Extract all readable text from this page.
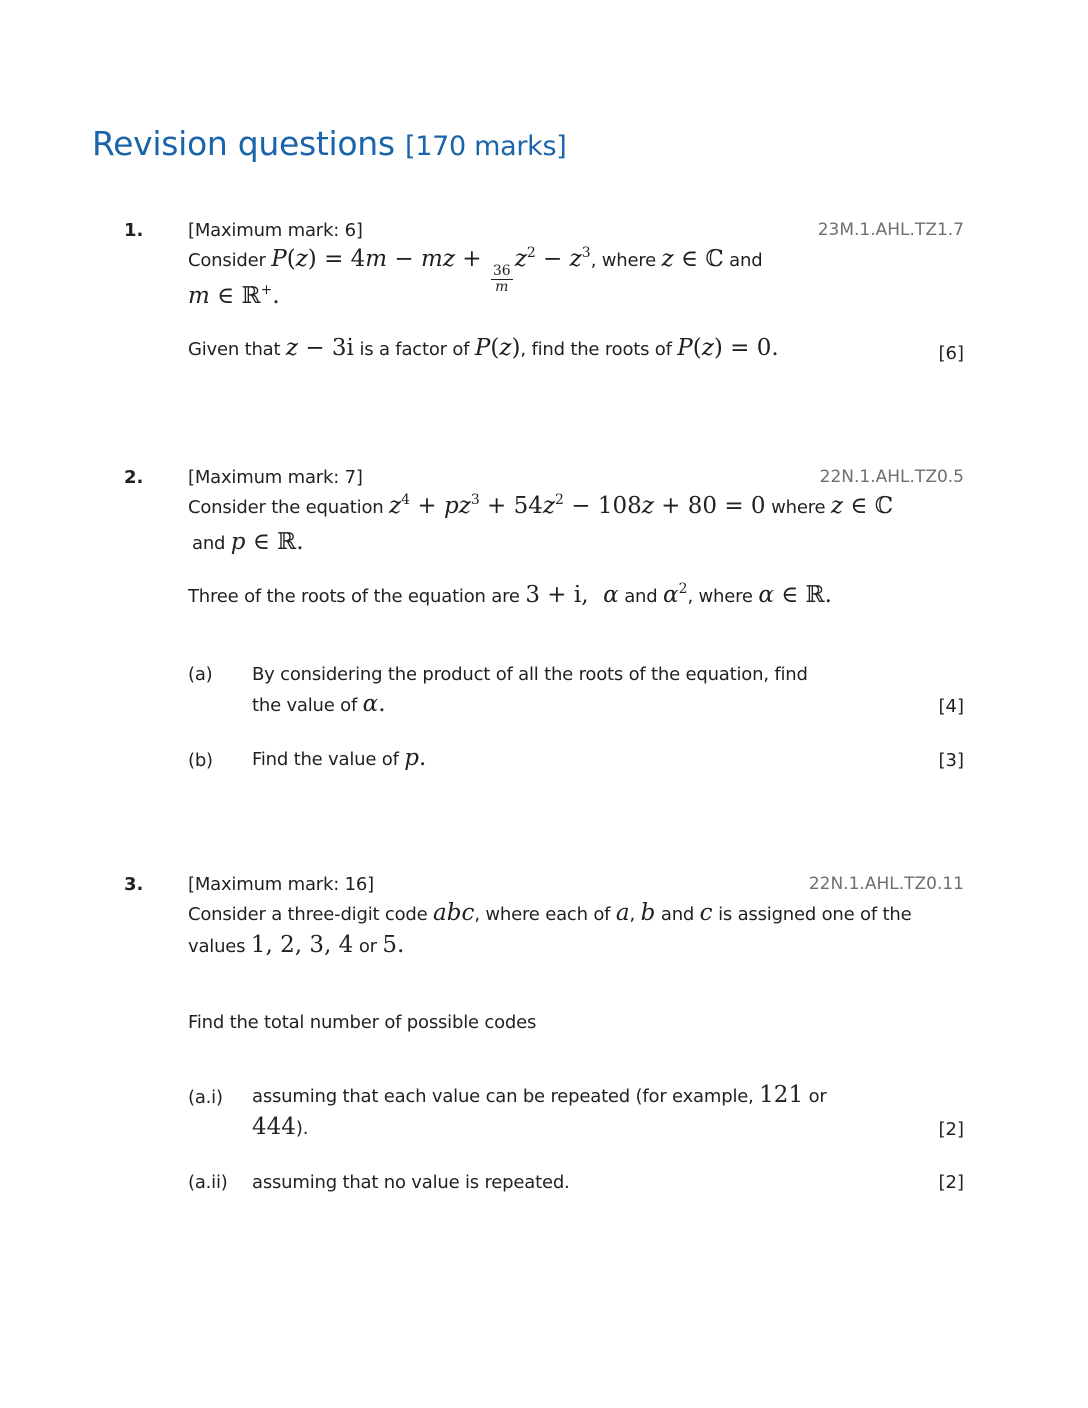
Revision questions [170 marks]
1. [Maximum mark: 6]	23M.1.AHL.TZ1.7
Consider P(z) = 4m − mz +
$\frac{36}{m}$
$z^2 - z^3$, where z ∈ ℂ and
m ∈ ℝ+.
Given that z − 3i is a factor of P(z), find the roots of P(z) = 0.	[6]
2. [Maximum mark: 7]	22N.1.AHL.TZ0.5
Consider the equation $z^4 + pz^3 + 54z^2 - 108z + 80 = 0$ where z ∈ ℂ
and p ∈ ℝ.
Three of the roots of the equation are 3 + i,  α and $\alpha^2$, where α ∈ ℝ.
(a) By considering the product of all the roots of the equation, find
the value of α.	[4]
(b) Find the value of p.	[3]
3. [Maximum mark: 16]	22N.1.AHL.TZ0.11
Consider a three-digit code abc, where each of a, b and c is assigned one of the
values 1, 2, 3, 4 or 5.
Find the total number of possible codes
(a.i) assuming that each value can be repeated (for example, 121 or
444).	[2]
(a.ii) assuming that no value is repeated.	[2]
